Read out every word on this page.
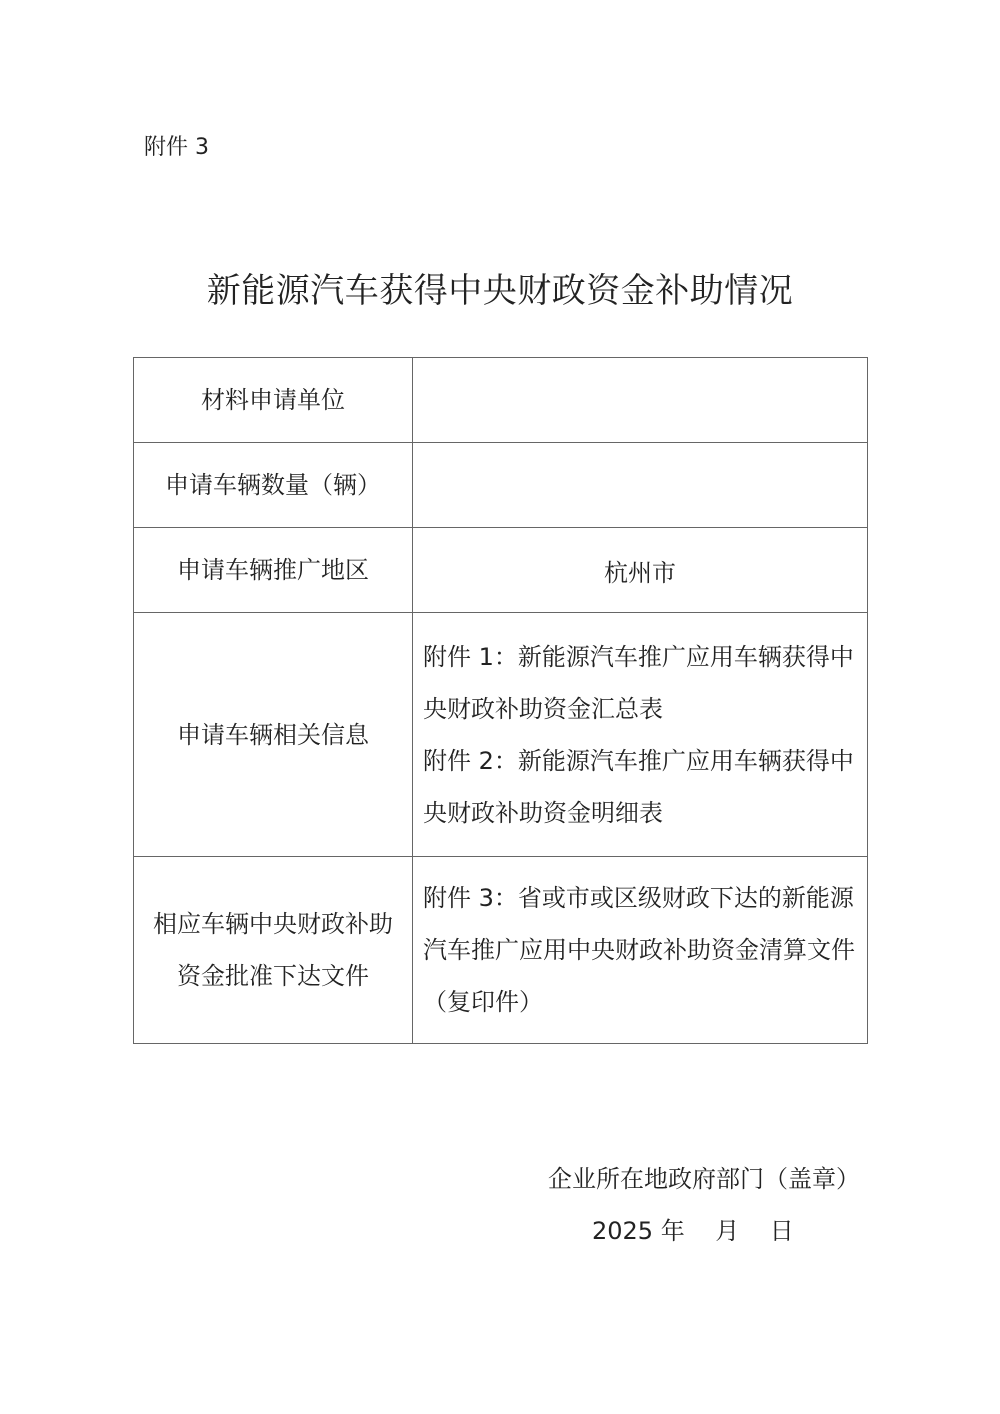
附件 3
新能源汽车获得中央财政资金补助情况
材料申请单位	
申请车辆数量（辆）	
申请车辆推广地区	杭州市
申请车辆相关信息	附件 1：新能源汽车推广应用车辆获得中央财政补助资金汇总表

附件 2：新能源汽车推广应用车辆获得中央财政补助资金明细表

相应车辆中央财政补助资金批准下达文件	附件 3：省或市或区级财政下达的新能源汽车推广应用中央财政补助资金清算文件（复印件）

企业所在地政府部门（盖章）
2025 年    月    日
